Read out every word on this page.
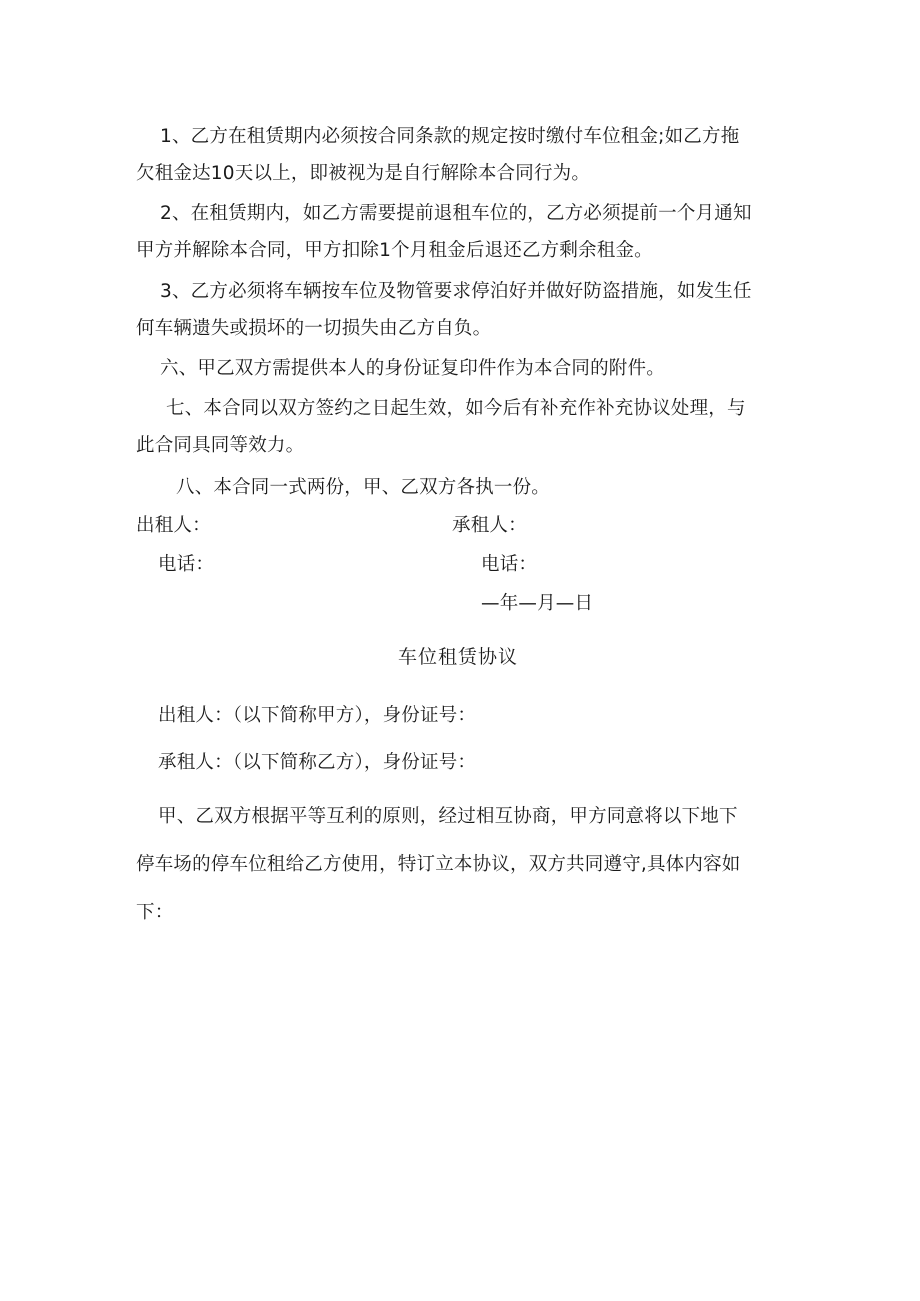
1、乙方在租赁期内必须按合同条款的规定按时缴付车位租金;如乙方拖
欠租金达10天以上，即被视为是自行解除本合同行为。
2、在租赁期内，如乙方需要提前退租车位的，乙方必须提前一个月通知
甲方并解除本合同，甲方扣除1个月租金后退还乙方剩余租金。
3、乙方必须将车辆按车位及物管要求停泊好并做好防盗措施，如发生任
何车辆遗失或损坏的一切损失由乙方自负。
六、甲乙双方需提供本人的身份证复印件作为本合同的附件。
七、本合同以双方签约之日起生效，如今后有补充作补充协议处理，与
此合同具同等效力。
八、本合同一式两份，甲、乙双方各执一份。
出租人：	承租人：
电话：	电话：
—年—月—日
车位租赁协议
出租人：（以下简称甲方），身份证号：
承租人：（以下简称乙方），身份证号：
甲、乙双方根据平等互利的原则，经过相互协商，甲方同意将以下地下
停车场的停车位租给乙方使用，特订立本协议，双方共同遵守,具体内容如
下：
